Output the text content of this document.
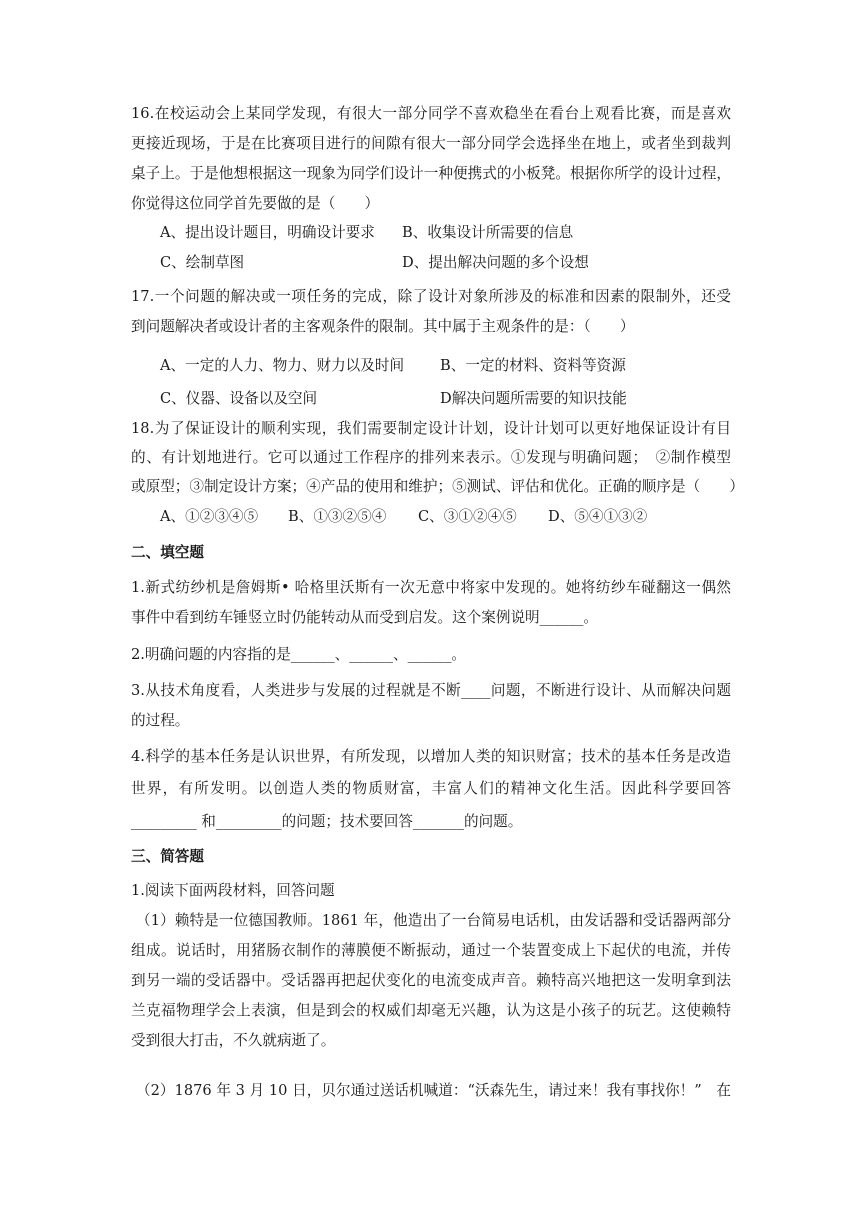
16.在校运动会上某同学发现，有很大一部分同学不喜欢稳坐在看台上观看比赛，而是喜欢
更接近现场，于是在比赛项目进行的间隙有很大一部分同学会选择坐在地上，或者坐到裁判
桌子上。于是他想根据这一现象为同学们设计一种便携式的小板凳。根据你所学的设计过程，
你觉得这位同学首先要做的是（　　）
A、提出设计题目，明确设计要求 B、收集设计所需要的信息
C、绘制草图	D、提出解决问题的多个设想
17.一个问题的解决或一项任务的完成，除了设计对象所涉及的标准和因素的限制外，还受
到问题解决者或设计者的主客观条件的限制。其中属于主观条件的是：（　　）
A、一定的人力、物力、财力以及时间 B、一定的材料、资料等资源
C、仪器、设备以及空间	D解决问题所需要的知识技能
18.为了保证设计的顺利实现，我们需要制定设计计划，设计计划可以更好地保证设计有目
的、有计划地进行。它可以通过工作程序的排列来表示。①发现与明确问题；　②制作模型
或原型；③制定设计方案；④产品的使用和维护；⑤测试、评估和优化。正确的顺序是（　　）
A、①②③④⑤ B、①③②⑤④ C、③①②④⑤ D、⑤④①③②
二、填空题
1.新式纺纱机是詹姆斯• 哈格里沃斯有一次无意中将家中发现的。她将纺纱车碰翻这一偶然
事件中看到纺车锤竖立时仍能转动从而受到启发。这个案例说明______。
2.明确问题的内容指的是______、______、______。
3.从技术角度看，人类进步与发展的过程就是不断____问题，不断进行设计、从而解决问题
的过程。
4.科学的基本任务是认识世界，有所发现，以增加人类的知识财富；技术的基本任务是改造
世界，有所发明。以创造人类的物质财富，丰富人们的精神文化生活。因此科学要回答
_________ 和_________的问题；技术要回答_______的问题。
三、简答题
1.阅读下面两段材料，回答问题
（1）赖特是一位德国教师。1861 年，他造出了一台简易电话机，由发话器和受话器两部分
组成。说话时，用猪肠衣制作的薄膜便不断振动，通过一个装置变成上下起伏的电流，并传
到另一端的受话器中。受话器再把起伏变化的电流变成声音。赖特高兴地把这一发明拿到法
兰克福物理学会上表演，但是到会的权威们却毫无兴趣，认为这是小孩子的玩艺。这使赖特
受到很大打击，不久就病逝了。
（2）1876 年 3 月 10 日，贝尔通过送话机喊道：“沃森先生，请过来！我有事找你！”　在
